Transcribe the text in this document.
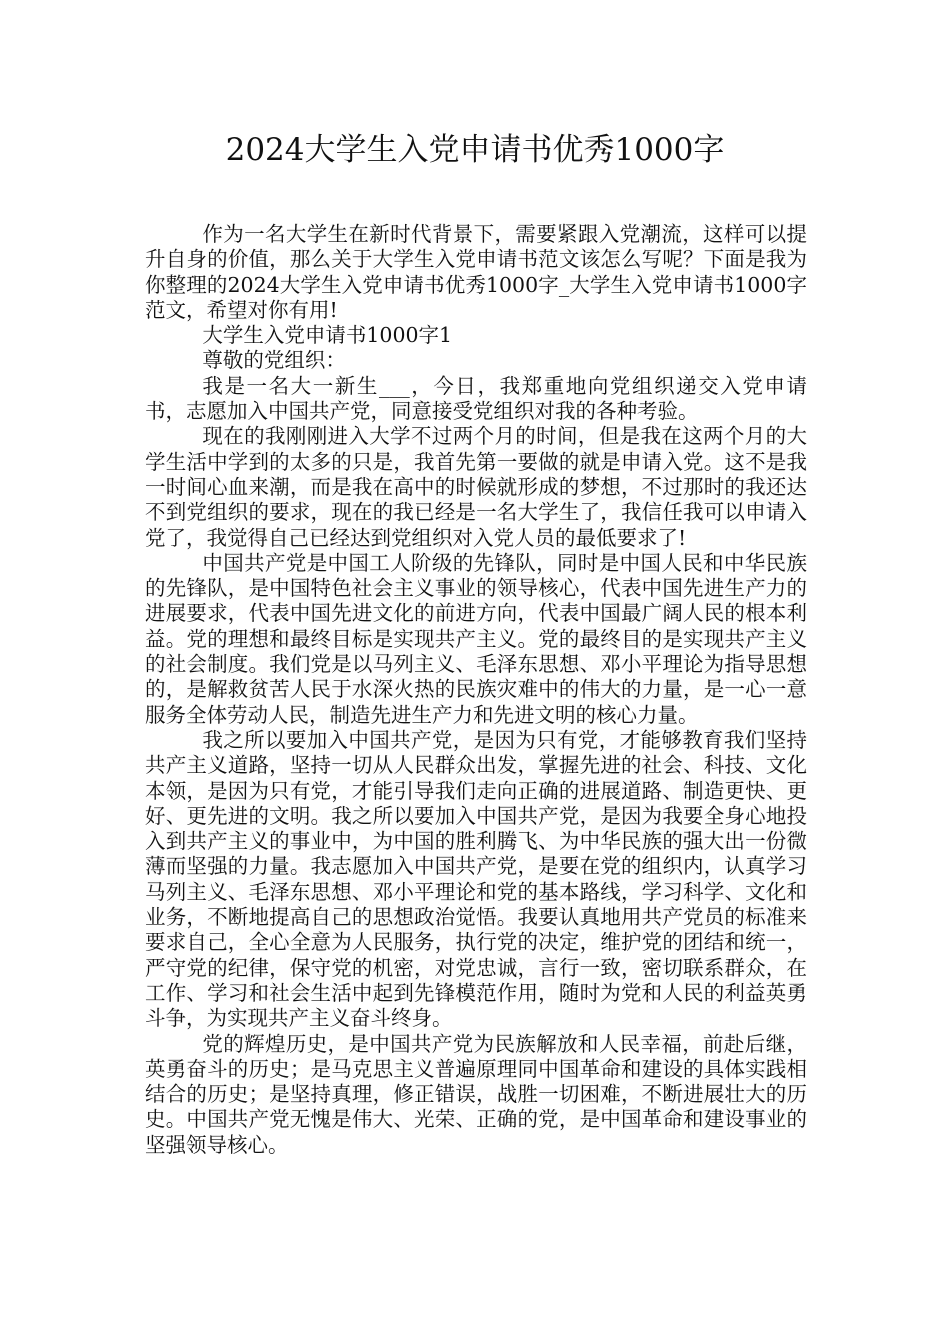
2024大学生入党申请书优秀1000字

作为一名大学生在新时代背景下，需要紧跟入党潮流，这样可以提升自身的价值，那么关于大学生入党申请书范文该怎么写呢？下面是我为你整理的2024大学生入党申请书优秀1000字_大学生入党申请书1000字范文，希望对你有用!

大学生入党申请书1000字1

尊敬的党组织：

我是一名大一新生___，今日，我郑重地向党组织递交入党申请书，志愿加入中国共产党，同意接受党组织对我的各种考验。

现在的我刚刚进入大学不过两个月的时间，但是我在这两个月的大学生活中学到的太多的只是，我首先第一要做的就是申请入党。这不是我一时间心血来潮，而是我在高中的时候就形成的梦想，不过那时的我还达不到党组织的要求，现在的我已经是一名大学生了，我信任我可以申请入党了，我觉得自己已经达到党组织对入党人员的最低要求了!

中国共产党是中国工人阶级的先锋队，同时是中国人民和中华民族的先锋队，是中国特色社会主义事业的领导核心，代表中国先进生产力的进展要求，代表中国先进文化的前进方向，代表中国最广阔人民的根本利益。党的理想和最终目标是实现共产主义。党的最终目的是实现共产主义的社会制度。我们党是以马列主义、毛泽东思想、邓小平理论为指导思想的，是解救贫苦人民于水深火热的民族灾难中的伟大的力量，是一心一意服务全体劳动人民，制造先进生产力和先进文明的核心力量。

我之所以要加入中国共产党，是因为只有党，才能够教育我们坚持共产主义道路，坚持一切从人民群众出发，掌握先进的社会、科技、文化本领，是因为只有党，才能引导我们走向正确的进展道路、制造更快、更好、更先进的文明。我之所以要加入中国共产党，是因为我要全身心地投入到共产主义的事业中，为中国的胜利腾飞、为中华民族的强大出一份微薄而坚强的力量。我志愿加入中国共产党，是要在党的组织内，认真学习马列主义、毛泽东思想、邓小平理论和党的基本路线，学习科学、文化和业务，不断地提高自己的思想政治觉悟。我要认真地用共产党员的标准来要求自己，全心全意为人民服务，执行党的决定，维护党的团结和统一，严守党的纪律，保守党的机密，对党忠诚，言行一致，密切联系群众，在工作、学习和社会生活中起到先锋模范作用，随时为党和人民的利益英勇斗争，为实现共产主义奋斗终身。

党的辉煌历史，是中国共产党为民族解放和人民幸福，前赴后继，英勇奋斗的历史；是马克思主义普遍原理同中国革命和建设的具体实践相结合的历史；是坚持真理，修正错误，战胜一切困难，不断进展壮大的历史。中国共产党无愧是伟大、光荣、正确的党，是中国革命和建设事业的坚强领导核心。
